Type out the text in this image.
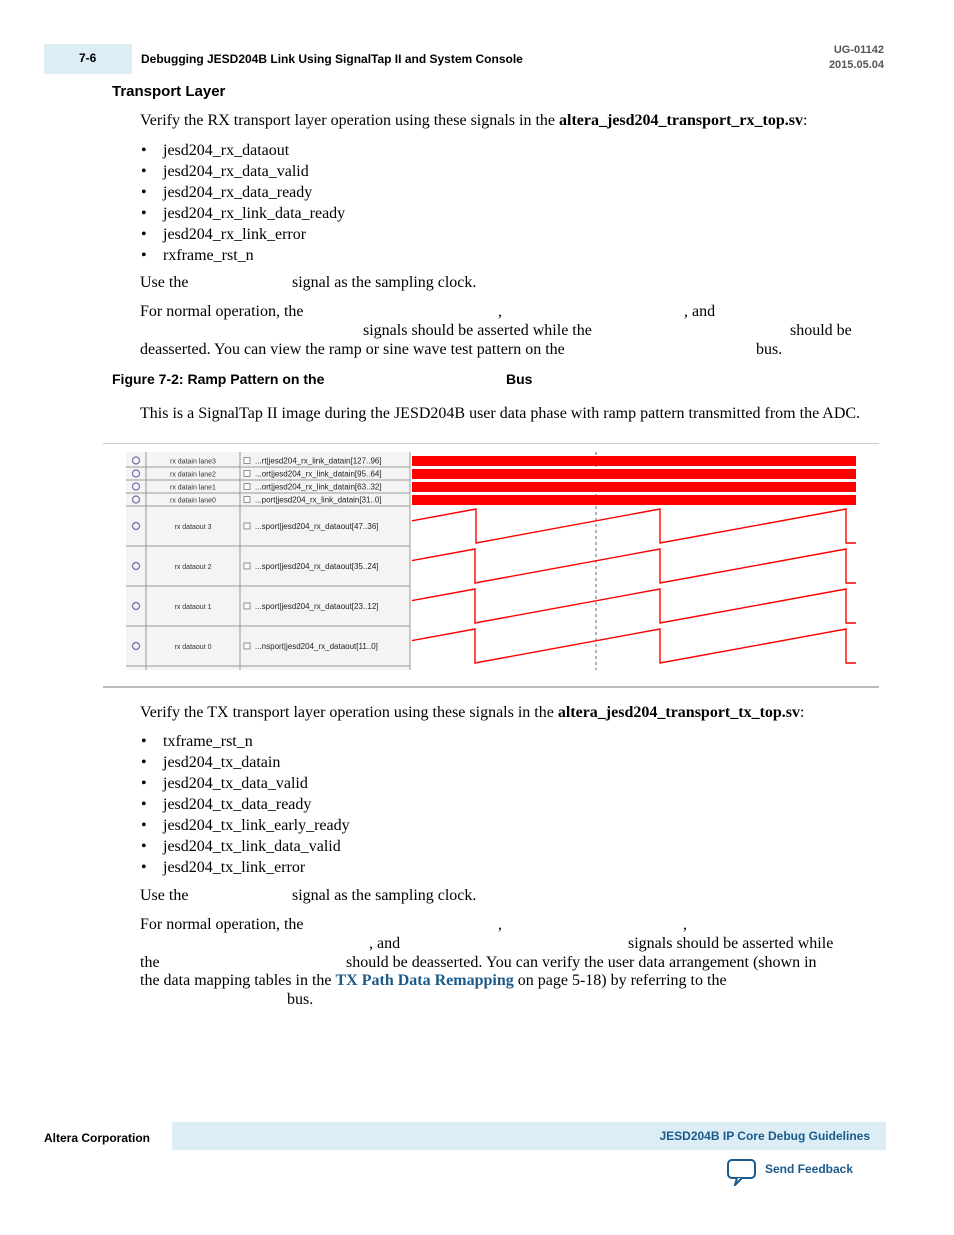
7-6	Debugging JESD204B Link Using SignalTap II and System Console
UG-01142
2015.05.04
Transport Layer
Verify the RX transport layer operation using these signals in the altera_jesd204_transport_rx_top.sv:
• jesd204_rx_dataout
• jesd204_rx_data_valid
• jesd204_rx_data_ready
• jesd204_rx_link_data_ready
• jesd204_rx_link_error
• rxframe_rst_n
Use the	signal as the sampling clock.
For normal operation, the	,	, and
signals should be asserted while the	should be
deasserted. You can view the ramp or sine wave test pattern on the	bus.
Figure 7-2: Ramp Pattern on the	Bus
This is a SignalTap II image during the JESD204B user data phase with ramp pattern transmitted from the ADC.
rx datain lane3	...rt|jesd204_rx_link_datain[127..96]
rx datain lane2	...ort|jesd204_rx_link_datain[95..64]
rx datain lane1	...ort|jesd204_rx_link_datain[63..32]
rx datain lane0	...port|jesd204_rx_link_datain[31..0]
rx dataout 3	...sport|jesd204_rx_dataout[47..36]
rx dataout 2	...sport|jesd204_rx_dataout[35..24]
rx dataout 1	...sport|jesd204_rx_dataout[23..12]
rx dataout 0	...nsport|jesd204_rx_dataout[11..0]
Verify the TX transport layer operation using these signals in the altera_jesd204_transport_tx_top.sv:
• txframe_rst_n
• jesd204_tx_datain
• jesd204_tx_data_valid
• jesd204_tx_data_ready
• jesd204_tx_link_early_ready
• jesd204_tx_link_data_valid
• jesd204_tx_link_error
Use the	signal as the sampling clock.
For normal operation, the	,	,
, and	signals should be asserted while
the	should be deasserted. You can verify the user data arrangement (shown in
the data mapping tables in the TX Path Data Remapping on page 5-18) by referring to the
bus.
Altera Corporation	JESD204B IP Core Debug Guidelines
Send Feedback
